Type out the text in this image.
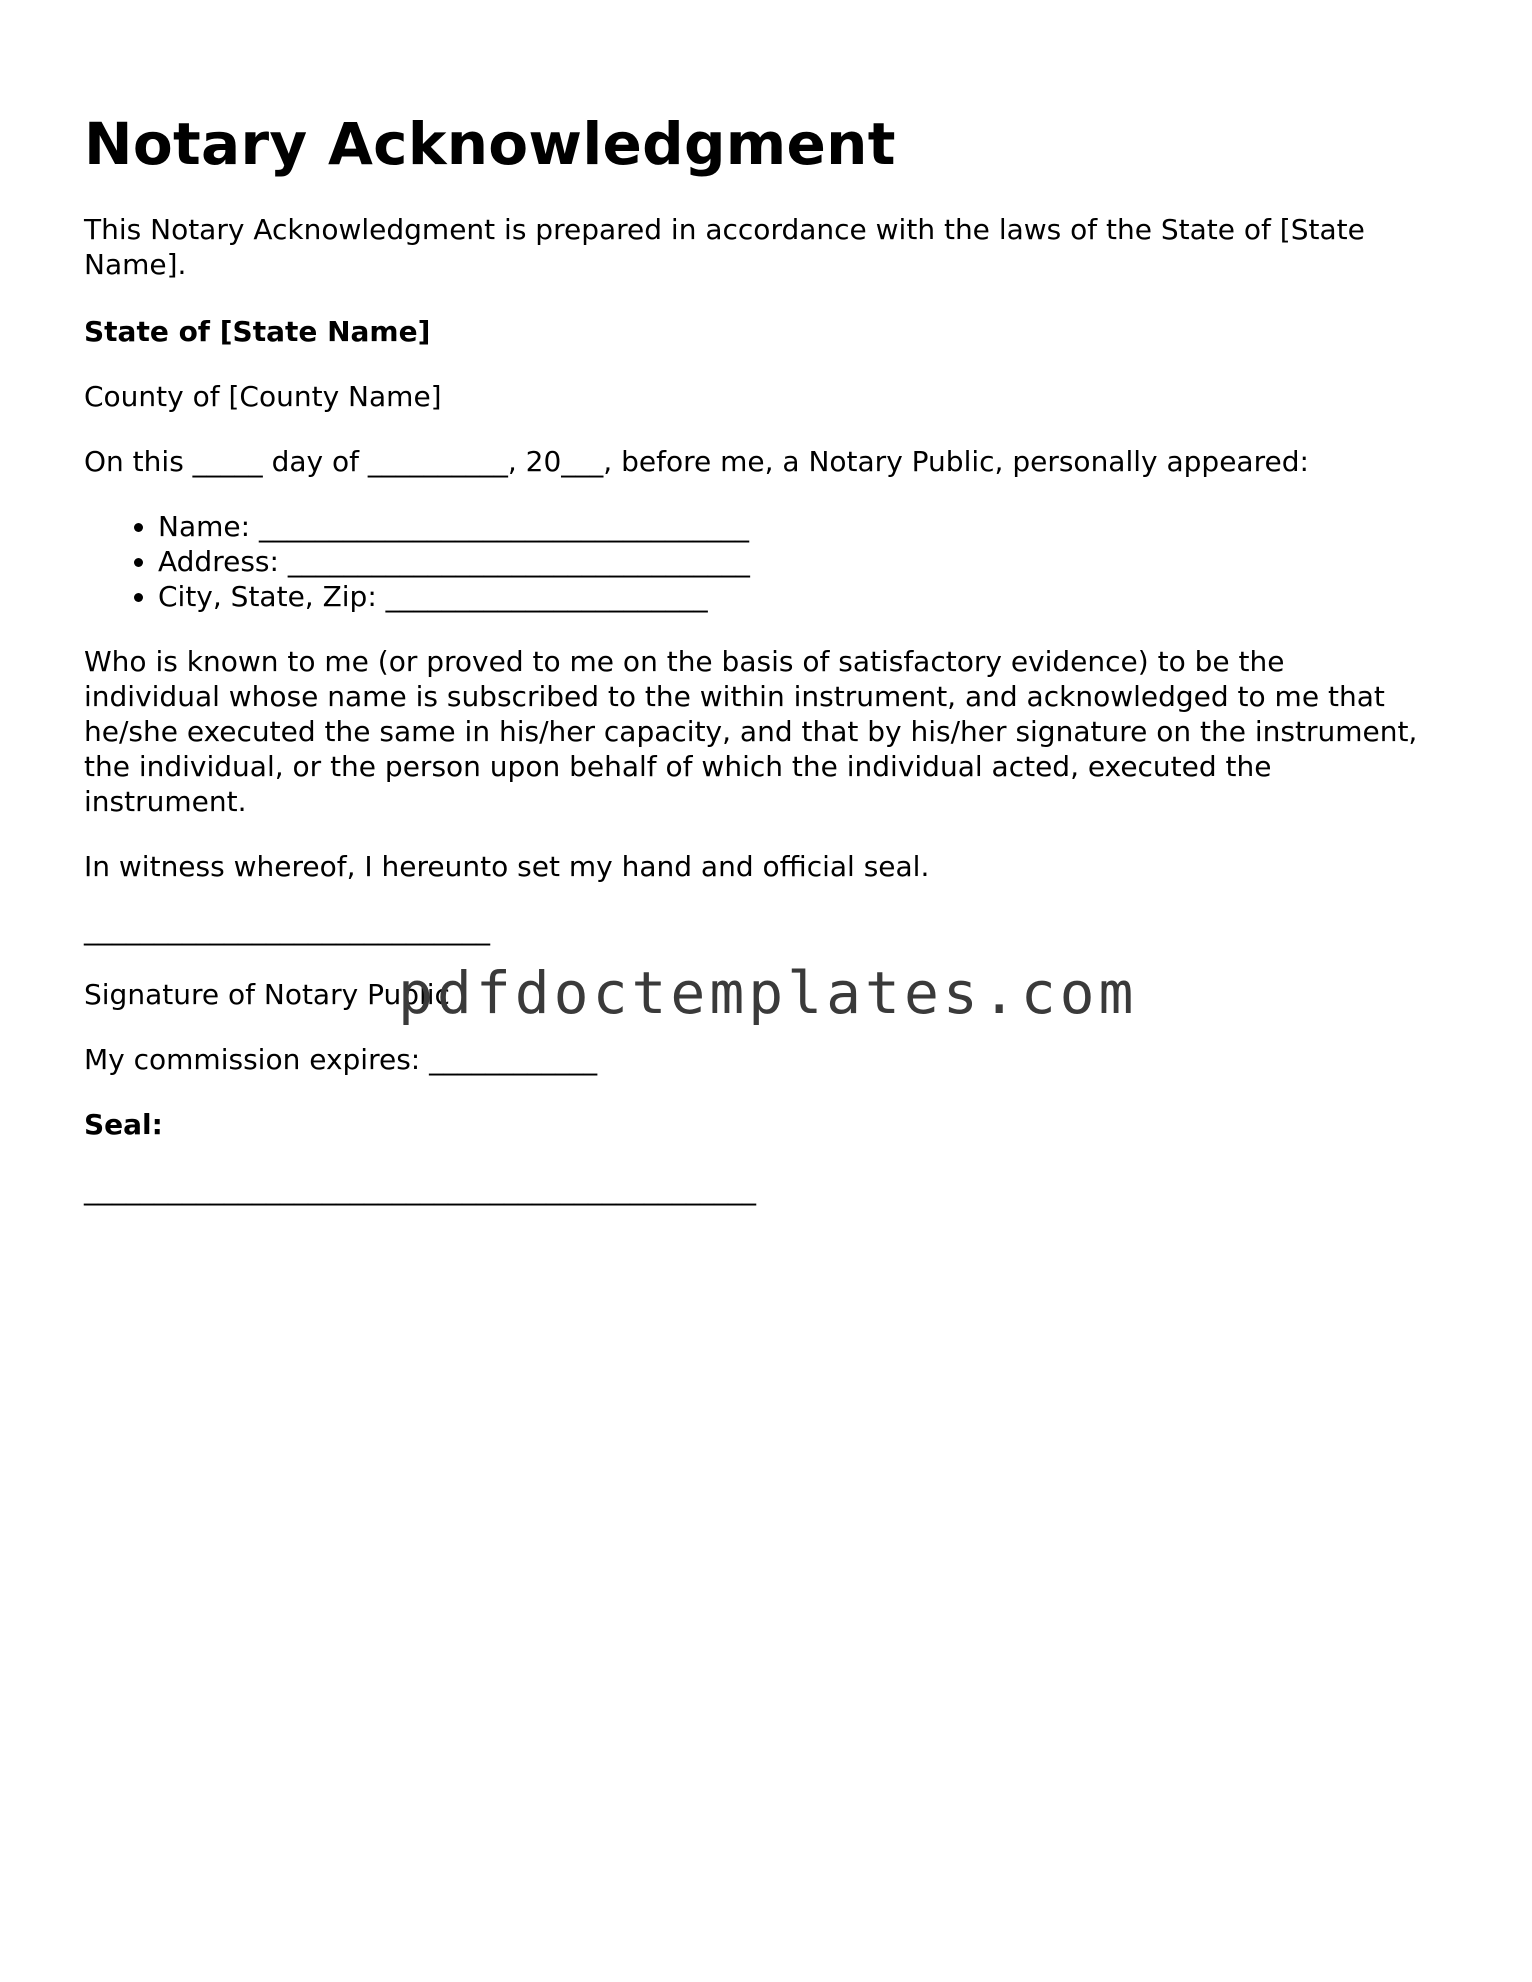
Notary Acknowledgment

This Notary Acknowledgment is prepared in accordance with the laws of the State of [State Name].

State of [State Name]

County of [County Name]

On this _____ day of __________, 20___, before me, a Notary Public, personally appeared:

• Name: ___________________________________
• Address: _________________________________
• City, State, Zip: _______________________

Who is known to me (or proved to me on the basis of satisfactory evidence) to be the individual whose name is subscribed to the within instrument, and acknowledged to me that he/she executed the same in his/her capacity, and that by his/her signature on the instrument, the individual, or the person upon behalf of which the individual acted, executed the instrument.

In witness whereof, I hereunto set my hand and official seal.

_____________________________

Signature of Notary Public

My commission expires: ____________

Seal:

________________________________________________

pdfdoctemplates.com
